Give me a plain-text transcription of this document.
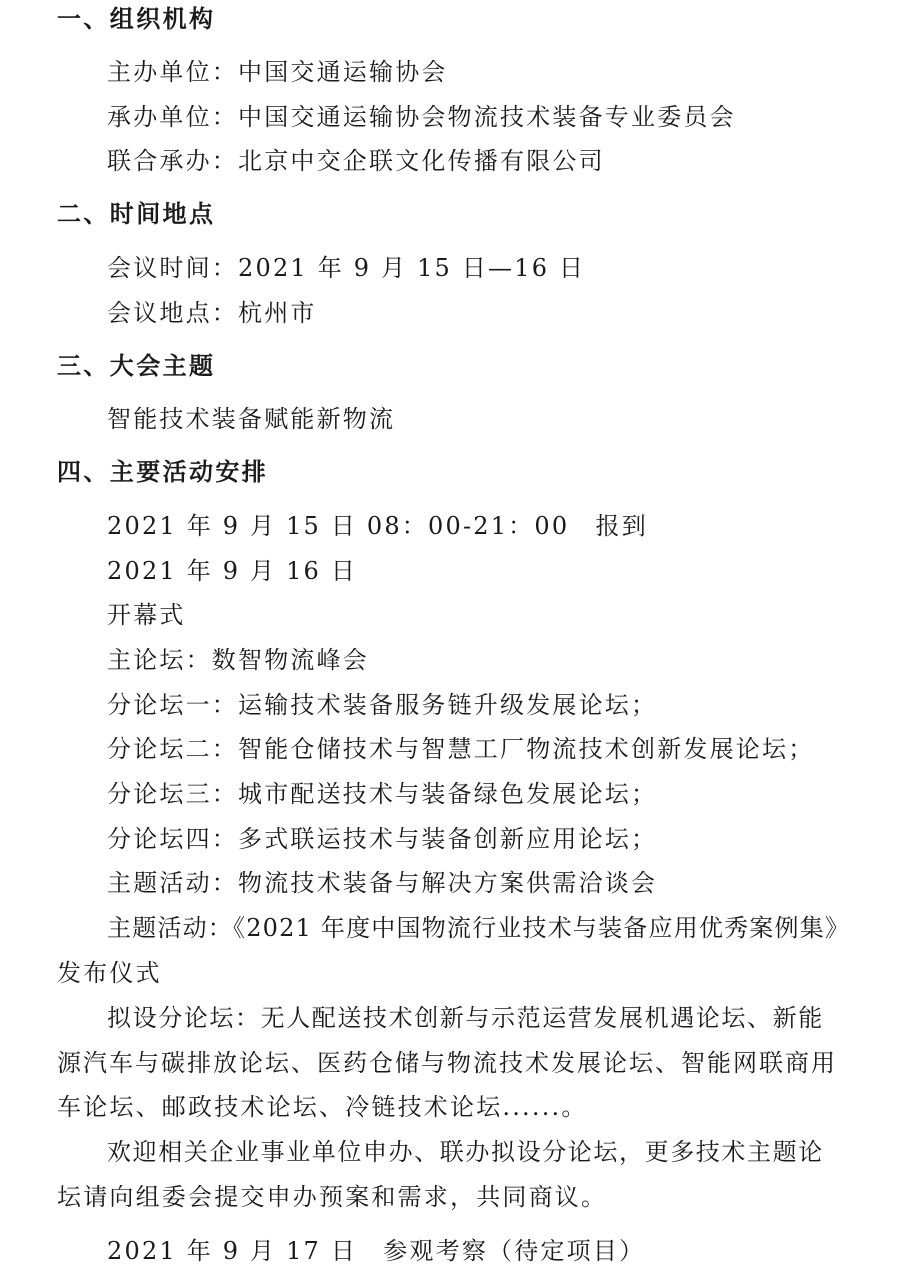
一、组织机构
主办单位：中国交通运输协会
承办单位：中国交通运输协会物流技术装备专业委员会
联合承办：北京中交企联文化传播有限公司
二、时间地点
会议时间：2021 年 9 月 15 日—16 日
会议地点：杭州市
三、大会主题
智能技术装备赋能新物流
四、主要活动安排
2021 年 9 月 15 日 08：00-21：00　报到
2021 年 9 月 16 日
开幕式
主论坛：数智物流峰会
分论坛一：运输技术装备服务链升级发展论坛；
分论坛二：智能仓储技术与智慧工厂物流技术创新发展论坛；
分论坛三：城市配送技术与装备绿色发展论坛；
分论坛四：多式联运技术与装备创新应用论坛；
主题活动：物流技术装备与解决方案供需洽谈会
主题活动：《2021 年度中国物流行业技术与装备应用优秀案例集》
发布仪式
拟设分论坛：无人配送技术创新与示范运营发展机遇论坛、新能
源汽车与碳排放论坛、医药仓储与物流技术发展论坛、智能网联商用
车论坛、邮政技术论坛、冷链技术论坛......。
欢迎相关企业事业单位申办、联办拟设分论坛，更多技术主题论
坛请向组委会提交申办预案和需求，共同商议。
2021 年 9 月 17 日　参观考察（待定项目）
